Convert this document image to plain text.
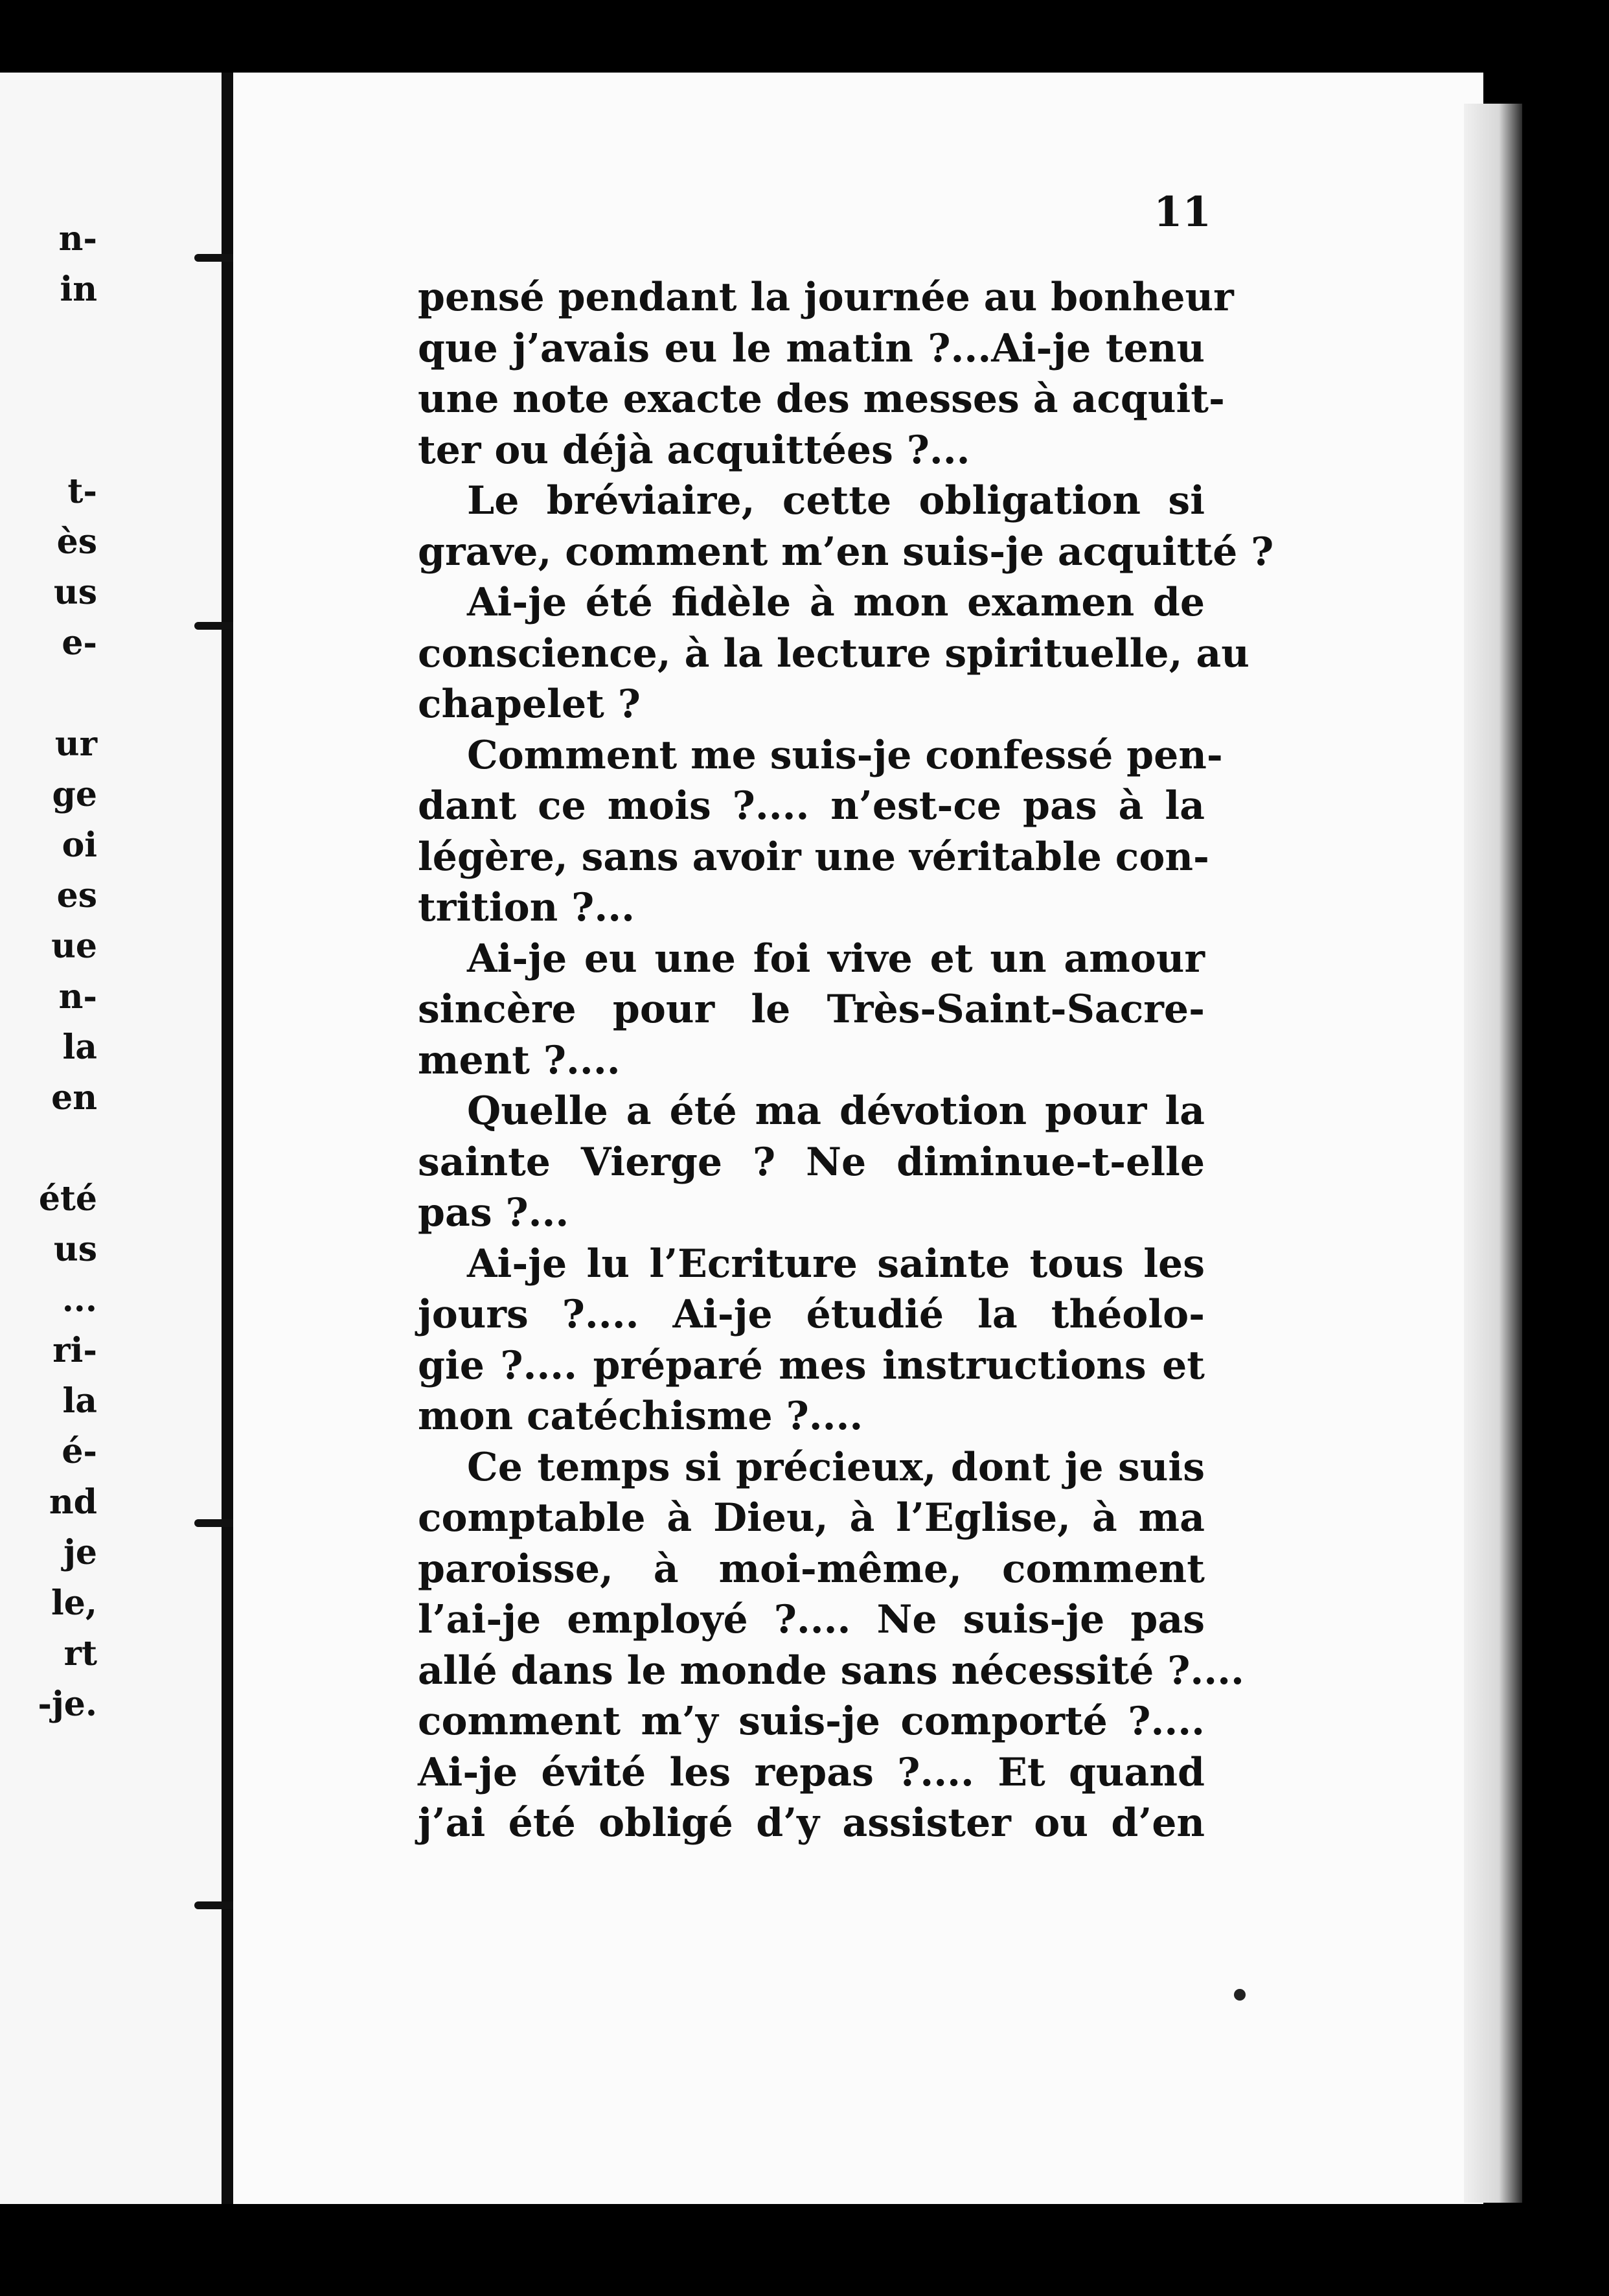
n-
in
t-
ès
us
e-
ur
ge
oi
es
ue
n-
la
en
été
us
...
ri-
la
é-
nd
je
le,
rt
-je.
11
pensé pendant la journée au bonheur
que j’avais eu le matin ?...Ai-je tenu
une note exacte des messes à acquit-
ter ou déjà acquittées ?...
Le bréviaire, cette obligation si
grave, comment m’en suis-je acquitté ?
Ai-je été fidèle à mon examen de
conscience, à la lecture spirituelle, au
chapelet ?
Comment me suis-je confessé pen-
dant ce mois ?.... n’est-ce pas à la
légère, sans avoir une véritable con-
trition ?...
Ai-je eu une foi vive et un amour
sincère pour le Très-Saint-Sacre-
ment ?....
Quelle a été ma dévotion pour la
sainte Vierge ? Ne diminue-t-elle
pas ?...
Ai-je lu l’Ecriture sainte tous les
jours ?.... Ai-je étudié la théolo-
gie ?.... préparé mes instructions et
mon catéchisme ?....
Ce temps si précieux, dont je suis
comptable à Dieu, à l’Eglise, à ma
paroisse, à moi-même, comment
l’ai-je employé ?.... Ne suis-je pas
allé dans le monde sans nécessité ?....
comment m’y suis-je comporté ?....
Ai-je évité les repas ?.... Et quand
j’ai été obligé d’y assister ou d’en
